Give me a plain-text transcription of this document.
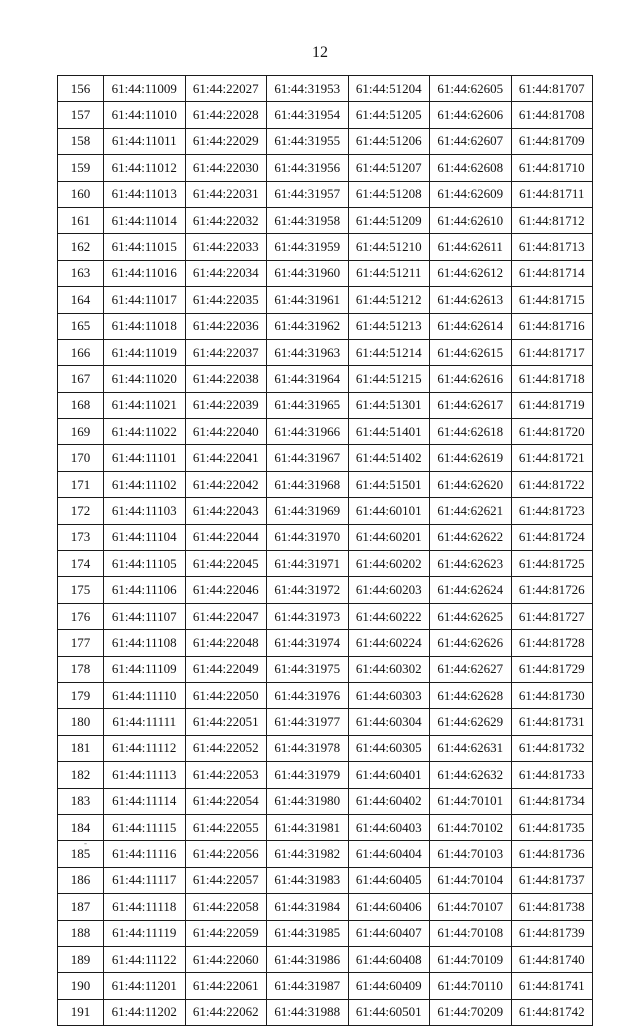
12
156	61:44:11009	61:44:22027	61:44:31953	61:44:51204	61:44:62605	61:44:81707
157	61:44:11010	61:44:22028	61:44:31954	61:44:51205	61:44:62606	61:44:81708
158	61:44:11011	61:44:22029	61:44:31955	61:44:51206	61:44:62607	61:44:81709
159	61:44:11012	61:44:22030	61:44:31956	61:44:51207	61:44:62608	61:44:81710
160	61:44:11013	61:44:22031	61:44:31957	61:44:51208	61:44:62609	61:44:81711
161	61:44:11014	61:44:22032	61:44:31958	61:44:51209	61:44:62610	61:44:81712
162	61:44:11015	61:44:22033	61:44:31959	61:44:51210	61:44:62611	61:44:81713
163	61:44:11016	61:44:22034	61:44:31960	61:44:51211	61:44:62612	61:44:81714
164	61:44:11017	61:44:22035	61:44:31961	61:44:51212	61:44:62613	61:44:81715
165	61:44:11018	61:44:22036	61:44:31962	61:44:51213	61:44:62614	61:44:81716
166	61:44:11019	61:44:22037	61:44:31963	61:44:51214	61:44:62615	61:44:81717
167	61:44:11020	61:44:22038	61:44:31964	61:44:51215	61:44:62616	61:44:81718
168	61:44:11021	61:44:22039	61:44:31965	61:44:51301	61:44:62617	61:44:81719
169	61:44:11022	61:44:22040	61:44:31966	61:44:51401	61:44:62618	61:44:81720
170	61:44:11101	61:44:22041	61:44:31967	61:44:51402	61:44:62619	61:44:81721
171	61:44:11102	61:44:22042	61:44:31968	61:44:51501	61:44:62620	61:44:81722
172	61:44:11103	61:44:22043	61:44:31969	61:44:60101	61:44:62621	61:44:81723
173	61:44:11104	61:44:22044	61:44:31970	61:44:60201	61:44:62622	61:44:81724
174	61:44:11105	61:44:22045	61:44:31971	61:44:60202	61:44:62623	61:44:81725
175	61:44:11106	61:44:22046	61:44:31972	61:44:60203	61:44:62624	61:44:81726
176	61:44:11107	61:44:22047	61:44:31973	61:44:60222	61:44:62625	61:44:81727
177	61:44:11108	61:44:22048	61:44:31974	61:44:60224	61:44:62626	61:44:81728
178	61:44:11109	61:44:22049	61:44:31975	61:44:60302	61:44:62627	61:44:81729
179	61:44:11110	61:44:22050	61:44:31976	61:44:60303	61:44:62628	61:44:81730
180	61:44:11111	61:44:22051	61:44:31977	61:44:60304	61:44:62629	61:44:81731
181	61:44:11112	61:44:22052	61:44:31978	61:44:60305	61:44:62631	61:44:81732
182	61:44:11113	61:44:22053	61:44:31979	61:44:60401	61:44:62632	61:44:81733
183	61:44:11114	61:44:22054	61:44:31980	61:44:60402	61:44:70101	61:44:81734
184	61:44:11115	61:44:22055	61:44:31981	61:44:60403	61:44:70102	61:44:81735
185	61:44:11116	61:44:22056	61:44:31982	61:44:60404	61:44:70103	61:44:81736
186	61:44:11117	61:44:22057	61:44:31983	61:44:60405	61:44:70104	61:44:81737
187	61:44:11118	61:44:22058	61:44:31984	61:44:60406	61:44:70107	61:44:81738
188	61:44:11119	61:44:22059	61:44:31985	61:44:60407	61:44:70108	61:44:81739
189	61:44:11122	61:44:22060	61:44:31986	61:44:60408	61:44:70109	61:44:81740
190	61:44:11201	61:44:22061	61:44:31987	61:44:60409	61:44:70110	61:44:81741
191	61:44:11202	61:44:22062	61:44:31988	61:44:60501	61:44:70209	61:44:81742
‑
